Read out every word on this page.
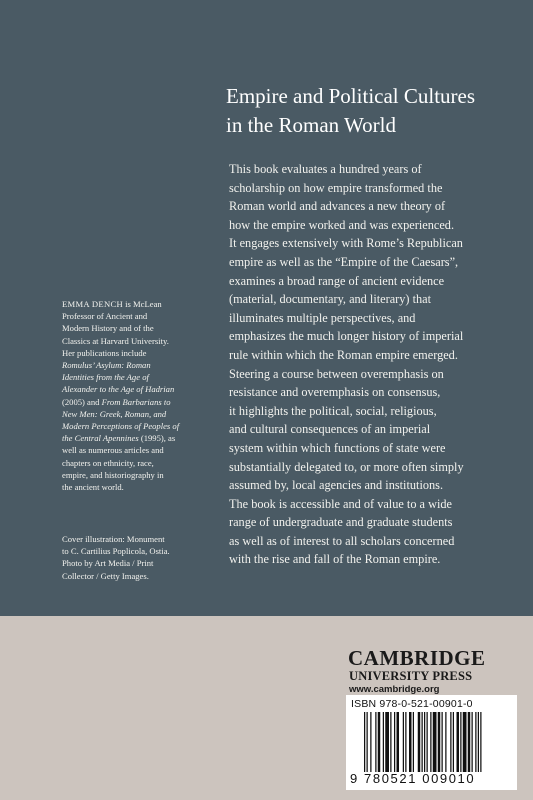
Empire and Political Cultures
in the Roman World
This book evaluates a hundred years of
scholarship on how empire transformed the
Roman world and advances a new theory of
how the empire worked and was experienced.
It engages extensively with Rome’s Republican
empire as well as the “Empire of the Caesars”,
examines a broad range of ancient evidence
(material, documentary, and literary) that
illuminates multiple perspectives, and
emphasizes the much longer history of imperial
rule within which the Roman empire emerged.
Steering a course between overemphasis on
resistance and overemphasis on consensus,
it highlights the political, social, religious,
and cultural consequences of an imperial
system within which functions of state were
substantially delegated to, or more often simply
assumed by, local agencies and institutions.
The book is accessible and of value to a wide
range of undergraduate and graduate students
as well as of interest to all scholars concerned
with the rise and fall of the Roman empire.
EMMA DENCH is McLean
Professor of Ancient and
Modern History and of the
Classics at Harvard University.
Her publications include
Romulus’ Asylum: Roman
Identities from the Age of
Alexander to the Age of Hadrian
(2005) and From Barbarians to
New Men: Greek, Roman, and
Modern Perceptions of Peoples of
the Central Apennines (1995), as
well as numerous articles and
chapters on ethnicity, race,
empire, and historiography in
the ancient world.
Cover illustration: Monument
to C. Cartilius Poplicola, Ostia.
Photo by Art Media / Print
Collector / Getty Images.
CAMBRIDGE
UNIVERSITY PRESS
www.cambridge.org
ISBN 978-0-521-00901-0
9 780521 009010
